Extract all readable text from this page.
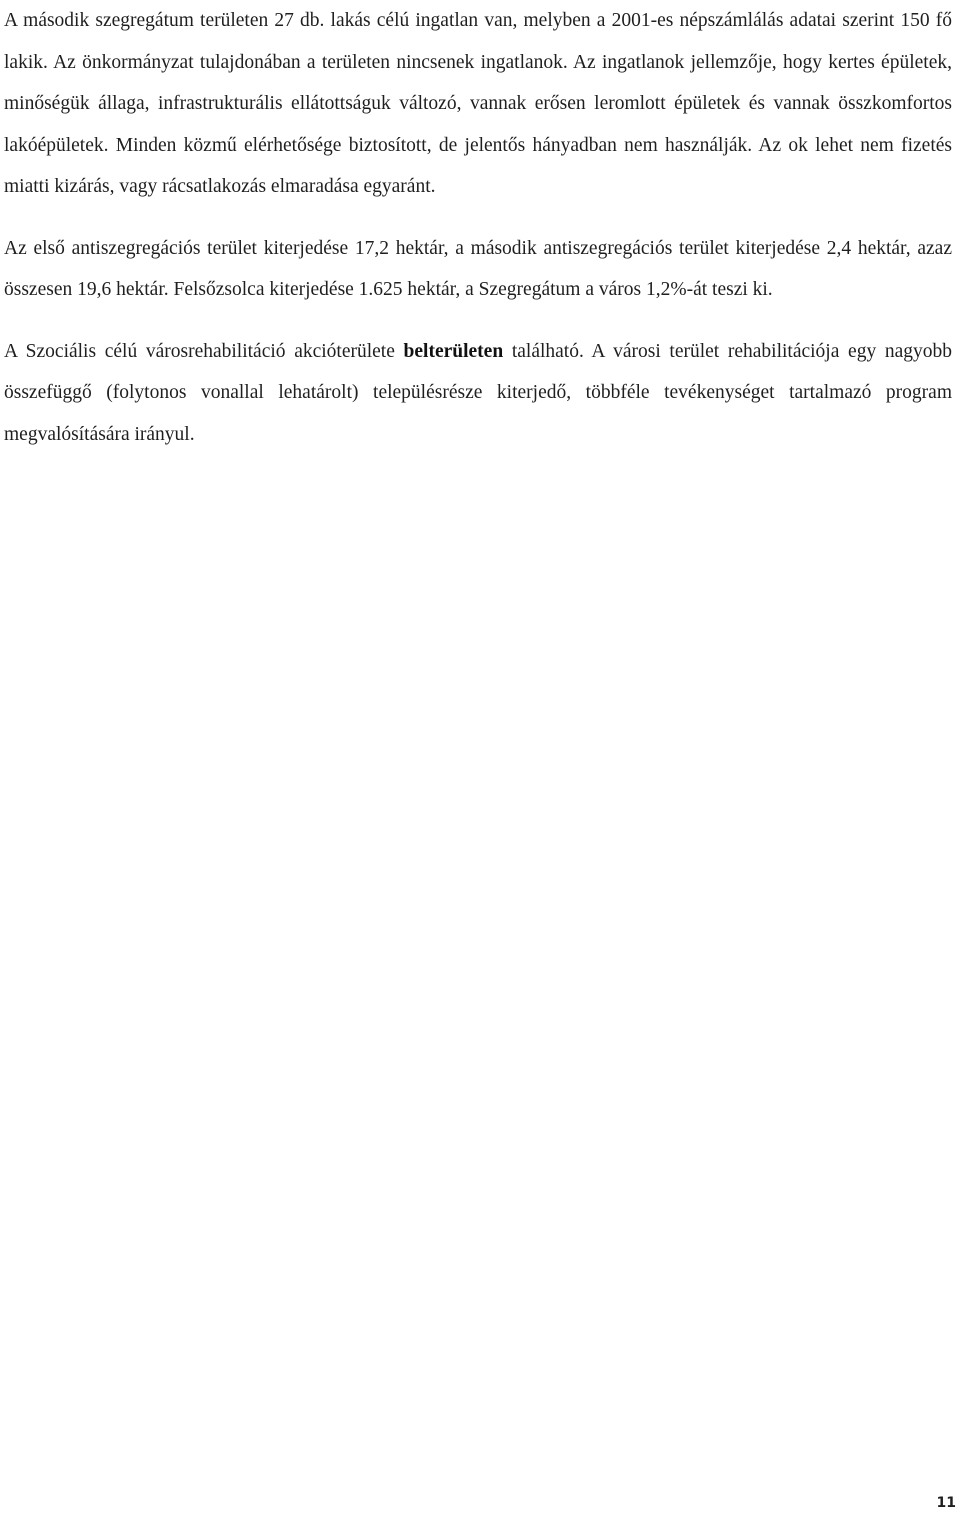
A második szegregátum területen 27 db. lakás célú ingatlan van, melyben a 2001-es népszámlálás adatai szerint 150 fő lakik. Az önkormányzat tulajdonában a területen nincsenek ingatlanok. Az ingatlanok jellemzője, hogy kertes épületek, minőségük állaga, infrastrukturális ellátottságuk változó, vannak erősen leromlott épületek és vannak összkomfortos lakóépületek. Minden közmű elérhetősége biztosított, de jelentős hányadban nem használják. Az ok lehet nem fizetés miatti kizárás, vagy rácsatlakozás elmaradása egyaránt.

Az első antiszegregációs terület kiterjedése 17,2 hektár, a második antiszegregációs terület kiterjedése 2,4 hektár, azaz összesen 19,6 hektár. Felsőzsolca kiterjedése 1.625 hektár, a Szegregátum a város 1,2%-át teszi ki.

A Szociális célú városrehabilitáció akcióterülete belterületen található. A városi terület rehabilitációja egy nagyobb összefüggő (folytonos vonallal lehatárolt) településrésze kiterjedő, többféle tevékenységet tartalmazó program megvalósítására irányul.

11
